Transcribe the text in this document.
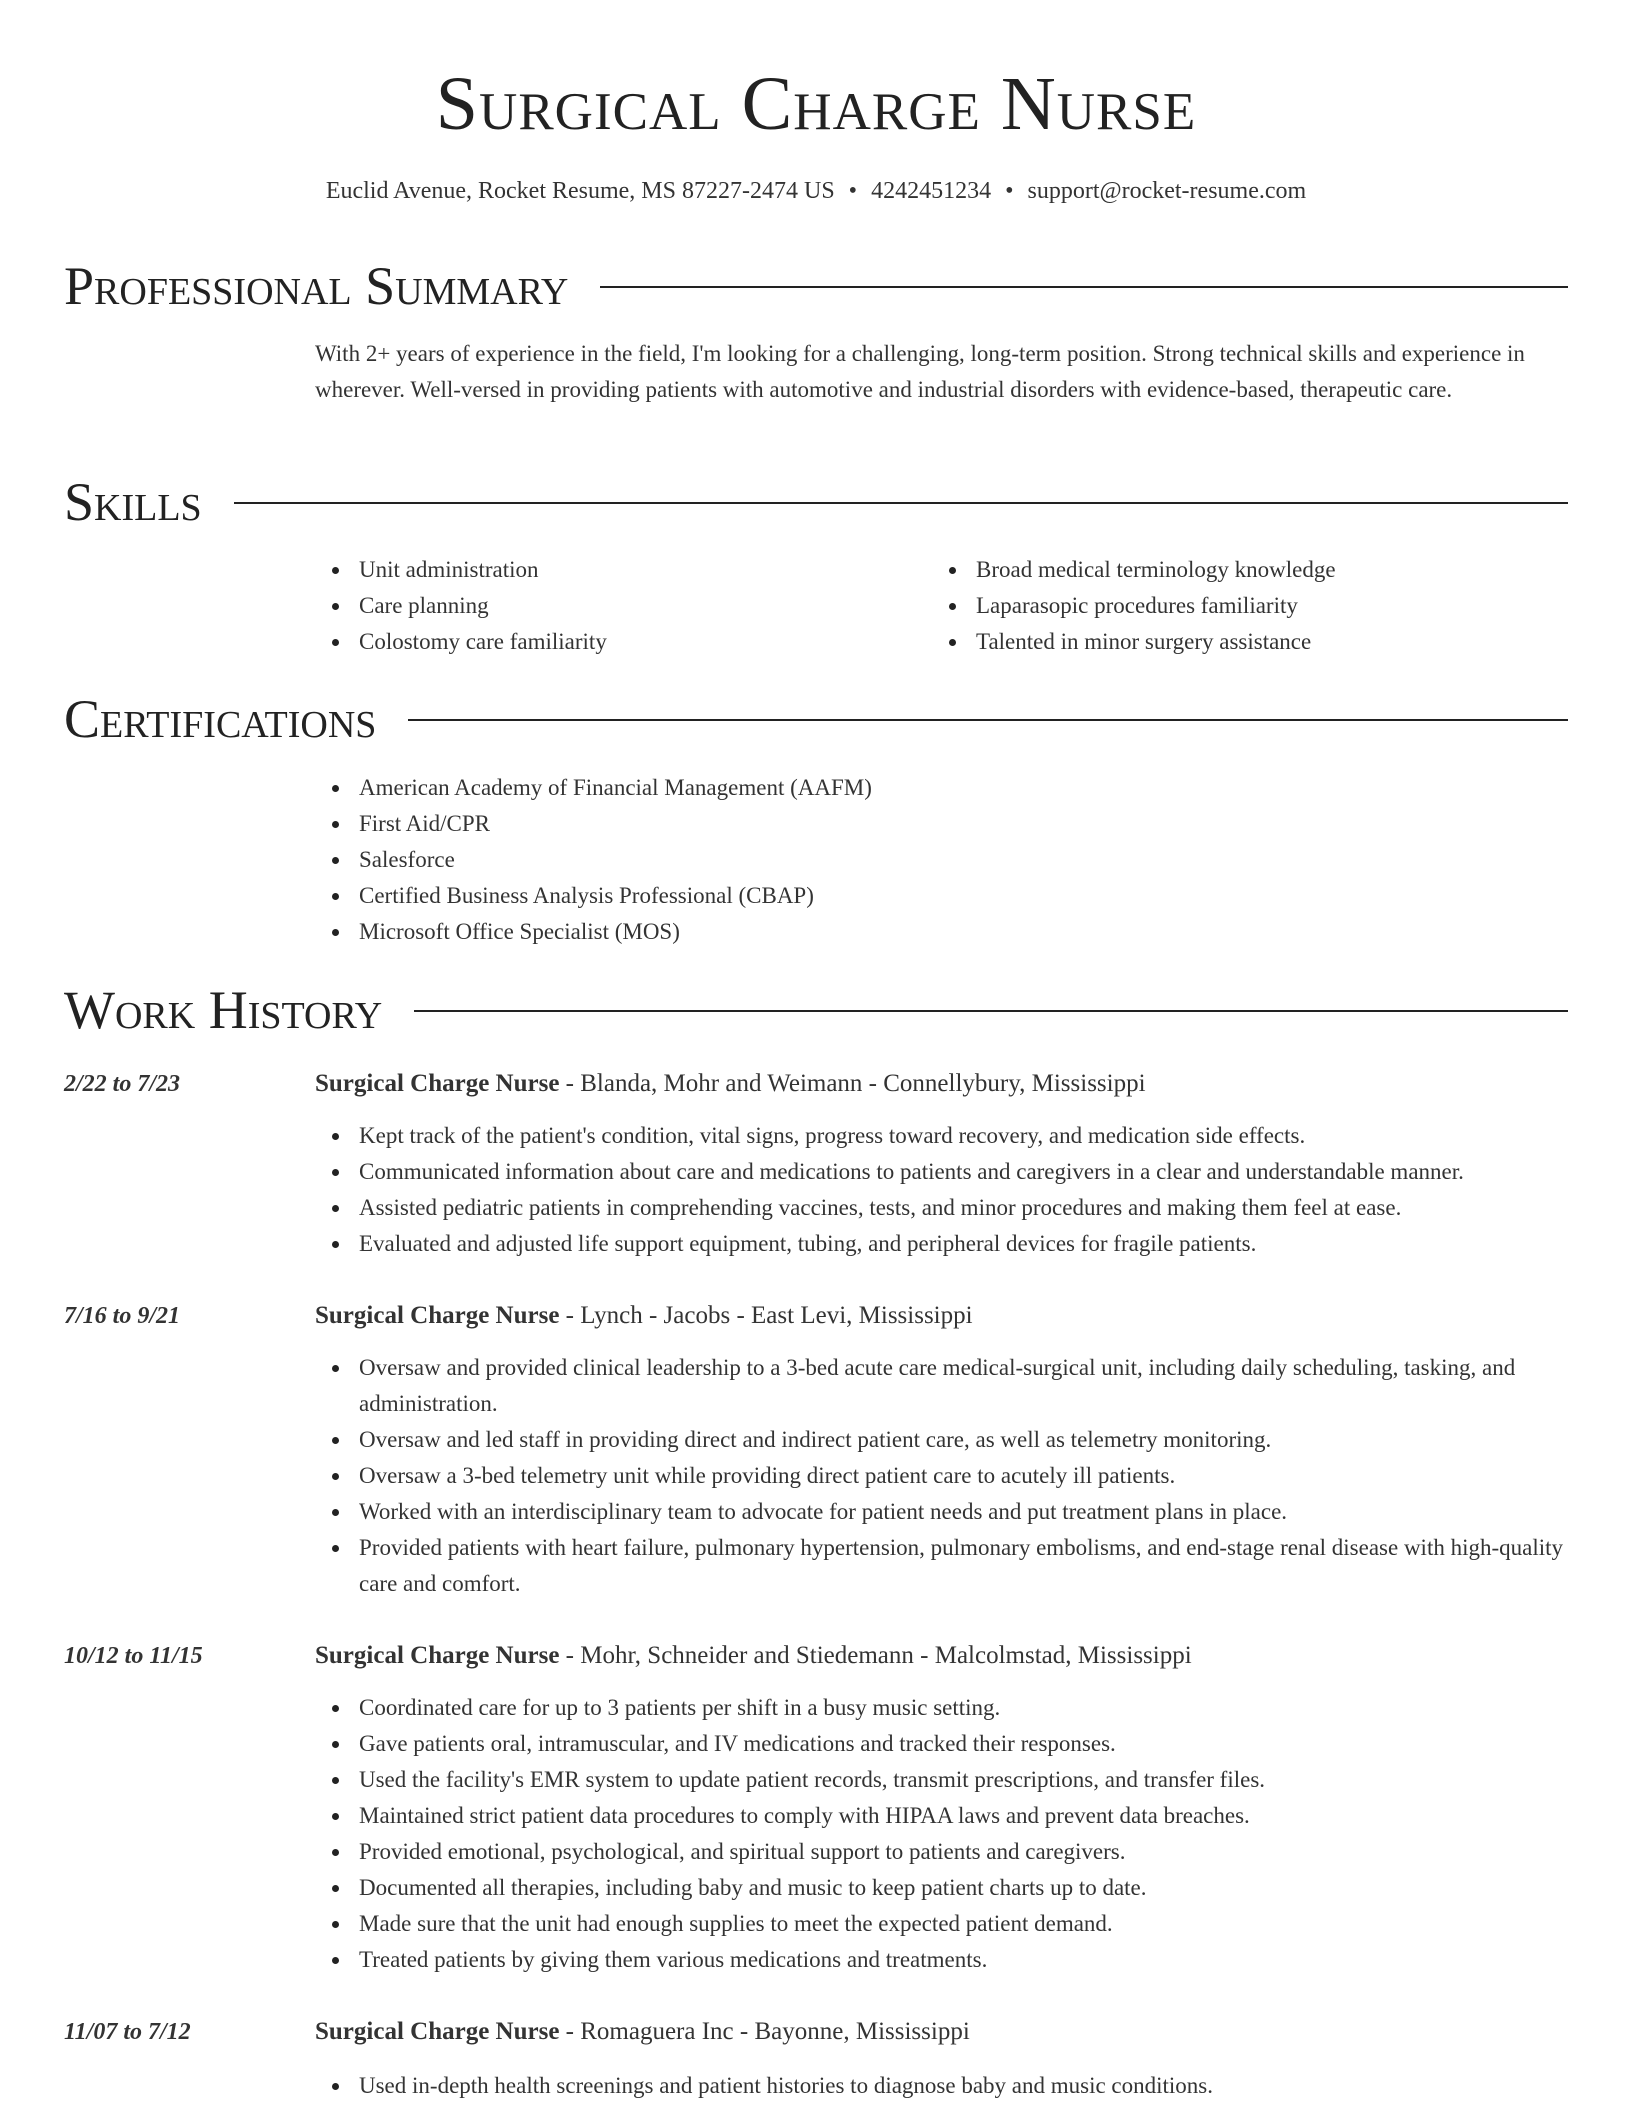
Surgical Charge Nurse
Euclid Avenue, Rocket Resume, MS 87227-2474 US • 4242451234 • support@rocket-resume.com
Professional Summary
With 2+ years of experience in the field, I'm looking for a challenging, long-term position. Strong technical skills and experience in wherever. Well-versed in providing patients with automotive and industrial disorders with evidence-based, therapeutic care.
Skills
Unit administration
Care planning
Colostomy care familiarity
Broad medical terminology knowledge
Laparasopic procedures familiarity
Talented in minor surgery assistance
Certifications
American Academy of Financial Management (AAFM)
First Aid/CPR
Salesforce
Certified Business Analysis Professional (CBAP)
Microsoft Office Specialist (MOS)
Work History
2/22 to 7/23	Surgical Charge Nurse - Blanda, Mohr and Weimann - Connellybury, Mississippi
Kept track of the patient's condition, vital signs, progress toward recovery, and medication side effects.
Communicated information about care and medications to patients and caregivers in a clear and understandable manner.
Assisted pediatric patients in comprehending vaccines, tests, and minor procedures and making them feel at ease.
Evaluated and adjusted life support equipment, tubing, and peripheral devices for fragile patients.
7/16 to 9/21	Surgical Charge Nurse - Lynch - Jacobs - East Levi, Mississippi
Oversaw and provided clinical leadership to a 3-bed acute care medical-surgical unit, including daily scheduling, tasking, and administration.
Oversaw and led staff in providing direct and indirect patient care, as well as telemetry monitoring.
Oversaw a 3-bed telemetry unit while providing direct patient care to acutely ill patients.
Worked with an interdisciplinary team to advocate for patient needs and put treatment plans in place.
Provided patients with heart failure, pulmonary hypertension, pulmonary embolisms, and end-stage renal disease with high-quality care and comfort.
10/12 to 11/15	Surgical Charge Nurse - Mohr, Schneider and Stiedemann - Malcolmstad, Mississippi
Coordinated care for up to 3 patients per shift in a busy music setting.
Gave patients oral, intramuscular, and IV medications and tracked their responses.
Used the facility's EMR system to update patient records, transmit prescriptions, and transfer files.
Maintained strict patient data procedures to comply with HIPAA laws and prevent data breaches.
Provided emotional, psychological, and spiritual support to patients and caregivers.
Documented all therapies, including baby and music to keep patient charts up to date.
Made sure that the unit had enough supplies to meet the expected patient demand.
Treated patients by giving them various medications and treatments.
11/07 to 7/12	Surgical Charge Nurse - Romaguera Inc - Bayonne, Mississippi
Used in-depth health screenings and patient histories to diagnose baby and music conditions.
